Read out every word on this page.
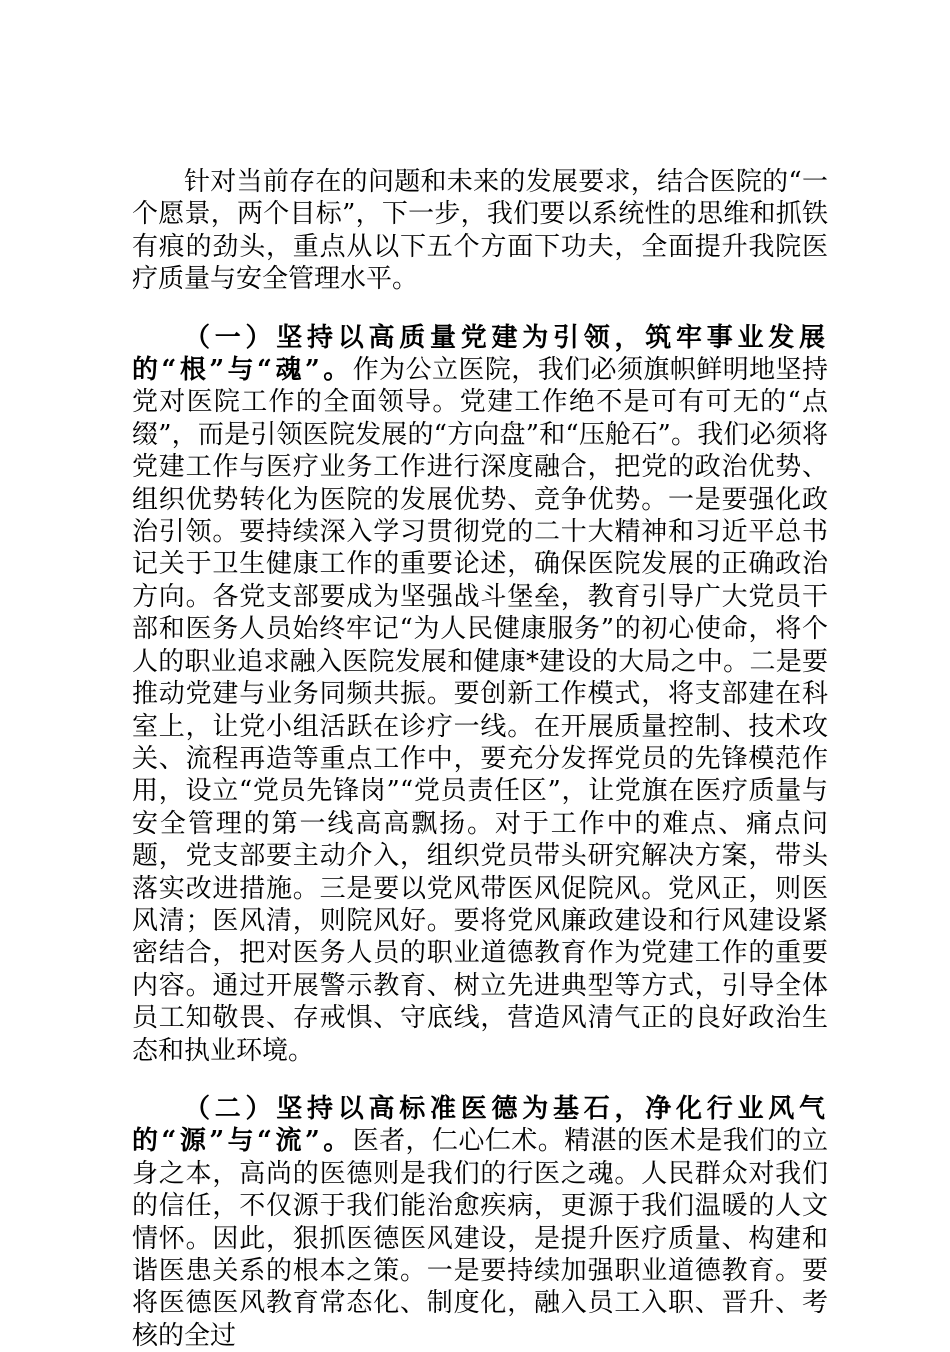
针对当前存在的问题和未来的发展要求，结合医院的“一个愿景，两个目标”，下一步，我们要以系统性的思维和抓铁有痕的劲头，重点从以下五个方面下功夫，全面提升我院医疗质量与安全管理水平。

（一）坚持以高质量党建为引领，筑牢事业发展的“根”与“魂”。作为公立医院，我们必须旗帜鲜明地坚持党对医院工作的全面领导。党建工作绝不是可有可无的“点缀”，而是引领医院发展的“方向盘”和“压舱石”。我们必须将党建工作与医疗业务工作进行深度融合，把党的政治优势、组织优势转化为医院的发展优势、竞争优势。一是要强化政治引领。要持续深入学习贯彻党的二十大精神和习近平总书记关于卫生健康工作的重要论述，确保医院发展的正确政治方向。各党支部要成为坚强战斗堡垒，教育引导广大党员干部和医务人员始终牢记“为人民健康服务”的初心使命，将个人的职业追求融入医院发展和健康*建设的大局之中。二是要推动党建与业务同频共振。要创新工作模式，将支部建在科室上，让党小组活跃在诊疗一线。在开展质量控制、技术攻关、流程再造等重点工作中，要充分发挥党员的先锋模范作用，设立“党员先锋岗”“党员责任区”，让党旗在医疗质量与安全管理的第一线高高飘扬。对于工作中的难点、痛点问题，党支部要主动介入，组织党员带头研究解决方案，带头落实改进措施。三是要以党风带医风促院风。党风正，则医风清；医风清，则院风好。要将党风廉政建设和行风建设紧密结合，把对医务人员的职业道德教育作为党建工作的重要内容。通过开展警示教育、树立先进典型等方式，引导全体员工知敬畏、存戒惧、守底线，营造风清气正的良好政治生态和执业环境。

（二）坚持以高标准医德为基石，净化行业风气的“源”与“流”。医者，仁心仁术。精湛的医术是我们的立身之本，高尚的医德则是我们的行医之魂。人民群众对我们的信任，不仅源于我们能治愈疾病，更源于我们温暖的人文情怀。因此，狠抓医德医风建设，是提升医疗质量、构建和谐医患关系的根本之策。一是要持续加强职业道德教育。要将医德医风教育常态化、制度化，融入员工入职、晋升、考核的全过
